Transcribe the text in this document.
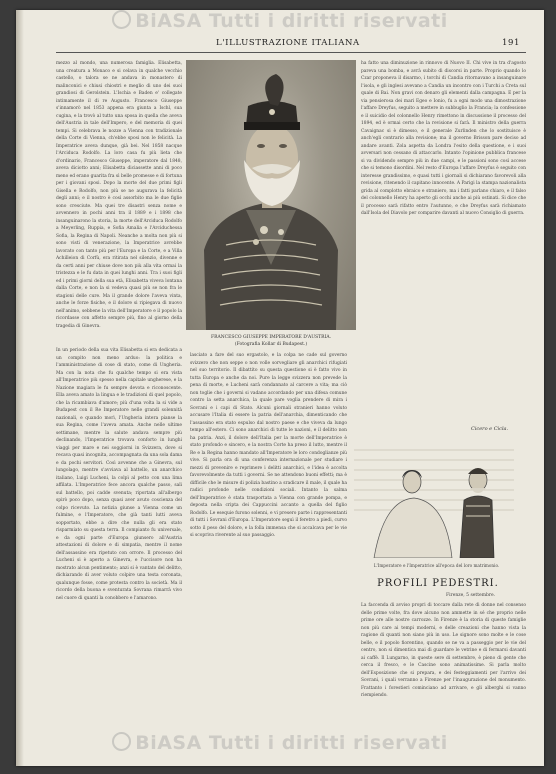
BiASA Tutti i diritti riservati
L'ILLUSTRAZIONE ITALIANA	191

mezzo al mondo, una numerosa famiglia. Elisabetta, una creatura a Monaco e si celava in qualche vecchio castello, o talora se ne andava in monastero di malinconici e chiusi chiostri e meglio di uno dei suoi grandiosi di Gerolstein. L'Ischia e Baden e' collegate intimamente il di re Augusto. Francesco Giuseppe s'innamorò nel 1853 appena era giunta a Ischl, sua cugina, e la trovò al tutto una sposa in quella che aveva dell'Austria in tale dell'Impero, e del memoria di quei tempi. Si celebrava le nozze a Vienna con tradizionale della Corte di Vienna, ch'ebbe sposi non le felicità. La Imperatrice aveva dunque, già bei. Nel 1858 nacque l'Arciduca Rodolfo. La loro casa fu più lieta che d'ordinario, Francesco Giuseppe, imperatore dal 1848, aveva diciotto anni; Elisabetta diciassette anni di poco meno ed erano guarita fra sì belle promesse e di fortuna per i giovani sposi. Dopo la morte del due primi figli Gisella e Rodolfo, non più se ne augurava la felicità degli anni; e il nostro è così assorbito ma le due figlie sono cresciute. Ma quei tre disastri senza nome e avvennero in pochi anni tra il 1889 e i 1898 che insanguinarono la storia, la morte dell'Arciduca Rodolfo a Meyerling, Ruppia, e Sofia Amalia e l'Arciduchessa Sofia, la Regina di Napoli. Neanche a molta non più si sono visti di venerazione, la Imperatrice avrebbe lavorato con tanto più per l'Europa e la Corte, e a Villa Achilleion di Corfù, era ritirata nel silenzio, divenne e da certi anni per chiuse dove non più alla vita ormai la tristezza e le fu data in quei lunghi anni. Tra i suoi figli ed i primi giorni della sua età, Elisabetta viveva lontana dalla Corte, e non la si vedeva quasi più se non fra le stagioni delle cure. Ma il grande dolore l'aveva vinta, anche le forze fisiche, e il dolore si ripiegava di nuovo nell'animo, sebbene la vita dell'Imperatore e il popolo la ricordasse con affetto sempre più, fino al giorno della tragedia di Ginevra.

FRANCESCO GIUSEPPE IMPERATORE D'AUSTRIA.
(Fotografia Kollar di Budapest.)

ha fatto una diminuzione in rinnovo di Nuovo II. Chi vive in tra d'agosto pareva una bomba, e avrà subito di discorsi in parte. Proprio quando lo Czar proponeva il disarmo, i torchi di Candia ritornavano a insanguinare l'isola, e gli inglesi avevano a Candia un incontro con i Turchi a Creta sul quale di Bai. Non gravi con denaro gli elementi dalla campagna. E per la via pensierosa dei mari Egeo e Ionio, fu a ogni modo una dimostrazione l'affare Dreyfus, seguito a mettere in subbuglio la Francia; la confessione e il suicidio del colonnello Henry rimettono in discussione il processo del 1894, ed è ormai certo che la revisione si farà. Il ministro della guerra Cavaignac si è dimesso, e il generale Zurlinden che lo sostituisce è anch'egli contrario alla revisione; ma il governo Brisson pare deciso ad andare avanti. Zola aspetta da Londra l'esito della questione, e i suoi avversari non cessano di attaccarlo. Intanto l'opinione pubblica francese si va dividendo sempre più in due campi, e le passioni sono così accese che si temono disordini. Nel resto d'Europa l'affare Dreyfus è seguito con interesse grandissimo, e quasi tutti i giornali si dichiarano favorevoli alla revisione, ritenendo il capitano innocente. A Parigi la stampa nazionalista grida al complotto ebraico e straniero, ma i fatti parlano chiaro, e il falso del colonnello Henry ha aperto gli occhi anche ai più ostinati. Si dice che il processo sarà rifatto entro l'autunno, e che Dreyfus sarà richiamato dall'Isola del Diavolo per comparire davanti al nuovo Consiglio di guerra.

Cicero e Cicla.

In un periodo della sua vita Elisabetta si era dedicata a un compito non meno arduo: la politica e l'amministrazione di cose di stato, come di Ungheria. Ma con la nota che fu qualche tempo si era vista all'Imperatrice più spesso nella capitale ungherese, e la Nazione magiara le fu sempre devota e riconoscente. Ella aveva amato la lingua e le tradizioni di quel popolo, che la ricambiava d'amore; più d'una volta la si vide a Budapest con il Re Imperatore nelle grandi solennità nazionali, e quando morì, l'Ungheria intera pianse la sua Regina, come l'aveva amata. Anche nelle ultime settimane, mentre la salute andava sempre più declinando, l'Imperatrice trovava conforto in lunghi viaggi per mare e nei soggiorni in Svizzera, dove si recava quasi incognita, accompagnata da una sola dama e da pochi servitori. Così avvenne che a Ginevra, sul lungolago, mentre s'avviava al battello, un anarchico italiano, Luigi Lucheni, la colpì al petto con una lima affilata. L'Imperatrice fece ancora qualche passo, salì sul battello, poi cadde svenuta; riportata all'albergo spirò poco dopo, senza quasi aver avuto coscienza del colpo ricevuto. La notizia giunse a Vienna come un fulmine, e l'Imperatore, che già tanti lutti aveva sopportato, ebbe a dire che nulla gli era stato risparmiato su questa terra. Il compianto fu universale, e da ogni parte d'Europa giunsero all'Austria attestazioni di dolore e di simpatia, mentre il nome dell'assassino era ripetuto con orrore. Il processo del Lucheni si è aperto a Ginevra, e l'uccisore non ha mostrato alcun pentimento; anzi si è vantato del delitto, dichiarando di aver voluto colpire una testa coronata, qualunque fosse, come protesta contro la società. Ma il ricordo della buona e sventurata Sovrana rimarrà vivo nel cuore di quanti la conobbero e l'amarono.

lasciato a fare del suo ergastolo, e la colpa ne cade sul governo svizzero che non seppe o non volle sorvegliare gli anarchici rifugiati nel suo territorio. Il dibattito su questa questione si è fatto vivo in tutta Europa e anche da noi. Pure la legge svizzera non prevede la pena di morte, e Lucheni sarà condannato al carcere a vita; ma ciò non toglie che i governi si vadano accordando per una difesa comune contro la setta anarchica, la quale pare voglia prendere di mira i Sovrani e i capi di Stato. Alcuni giornali stranieri hanno voluto accusare l'Italia di essere la patria dell'anarchia, dimenticando che l'assassino era stato espulso dal nostro paese e che viveva da lungo tempo all'estero. Ci sono anarchici di tutte le nazioni, e il delitto non ha patria. Anzi, il dolore dell'Italia per la morte dell'Imperatrice è stato profondo e sincero, e la nostra Corte ha preso il lutto, mentre il Re e la Regina hanno mandato all'Imperatore le loro condoglianze più vive. Si parla ora di una conferenza internazionale per studiare i mezzi di prevenire e reprimere i delitti anarchici, e l'idea è accolta favorevolmente da tutti i governi. Se ne attendono buoni effetti; ma è difficile che le misure di polizia bastino a sradicare il male, il quale ha radici profonde nelle condizioni sociali. Intanto la salma dell'Imperatrice è stata trasportata a Vienna con grande pompa, e deposta nella cripta dei Cappuccini accanto a quella del figlio Rodolfo. Le esequie furono solenni, e vi presero parte i rappresentanti di tutti i Sovrani d'Europa. L'Imperatore seguì il feretro a piedi, curvo sotto il peso del dolore, e la folla immensa che si accalcava per le vie si scopriva riverente al suo passaggio.

L'Imperatore e l'Imperatrice all'epoca del loro matrimonio.
PROFILI PEDESTRI.
Firenze, 5 settembre.

La faccenda di avviso propri di toccare dalla rete di donne nel consenso delle prime volte, fra dove alcuno non ammette in sé che proprio nelle prime ore alle nostre carrozze. In Firenze è la storia di queste famiglie non più care ai tempi moderni, e delle creazioni che hanno vista la ragione di quanti non siano più in uso. Le signore sono molte e le cose belle, e il popolo fiorentino, quando se ne va a passeggio per le vie del centro, non si dimentica mai di guardare le vetrine e di fermarsi davanti ai caffè. Il Lungarno, in queste sere di settembre, è pieno di gente che cerca il fresco, e le Cascine sono animatissime. Si parla molto dell'Esposizione che si prepara, e dei festeggiamenti per l'arrivo dei Sovrani, i quali verranno a Firenze per l'inaugurazione del monumento. Frattanto i forestieri cominciano ad arrivare, e gli alberghi si vanno riempiendo.

BiASA Tutti i diritti riservati
